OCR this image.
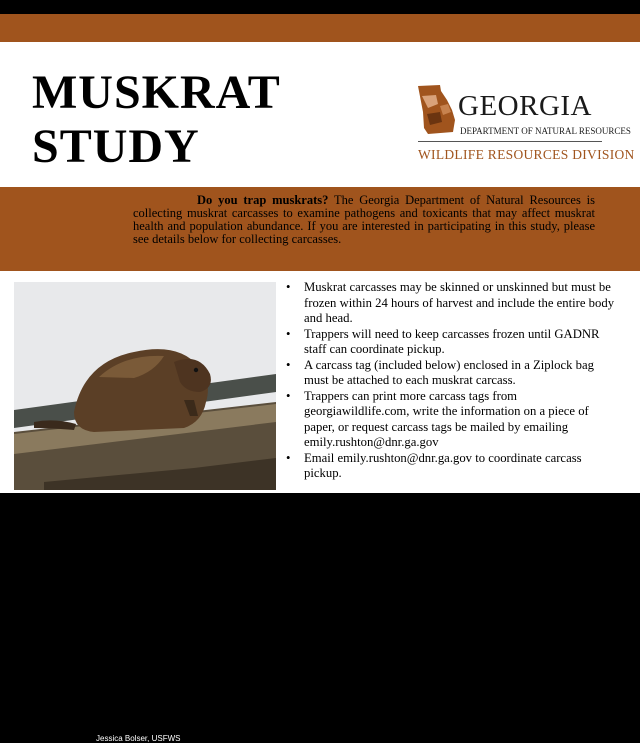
MUSKRAT
STUDY
GEORGIA
DEPARTMENT OF NATURAL RESOURCES
WILDLIFE RESOURCES DIVISION
Do you trap muskrats? The Georgia Department of Natural Resources is collecting muskrat carcasses to examine pathogens and toxicants that may affect muskrat health and population abundance. If you are interested in participating in this study, please see details below for collecting carcasses.
Jessica Bolser, USFWS
• Muskrat carcasses may be skinned or unskinned but must be frozen within 24 hours of harvest and include the entire body and head.
• Trappers will need to keep carcasses frozen until GADNR staff can coordinate pickup.
• A carcass tag (included below) enclosed in a Ziplock bag must be attached to each muskrat carcass.
• Trappers can print more carcass tags from georgiawildlife.com, write the information on a piece of paper, or request carcass tags be mailed by emailing emily.rushton@dnr.ga.gov
• Email emily.rushton@dnr.ga.gov to coordinate carcass pickup.
